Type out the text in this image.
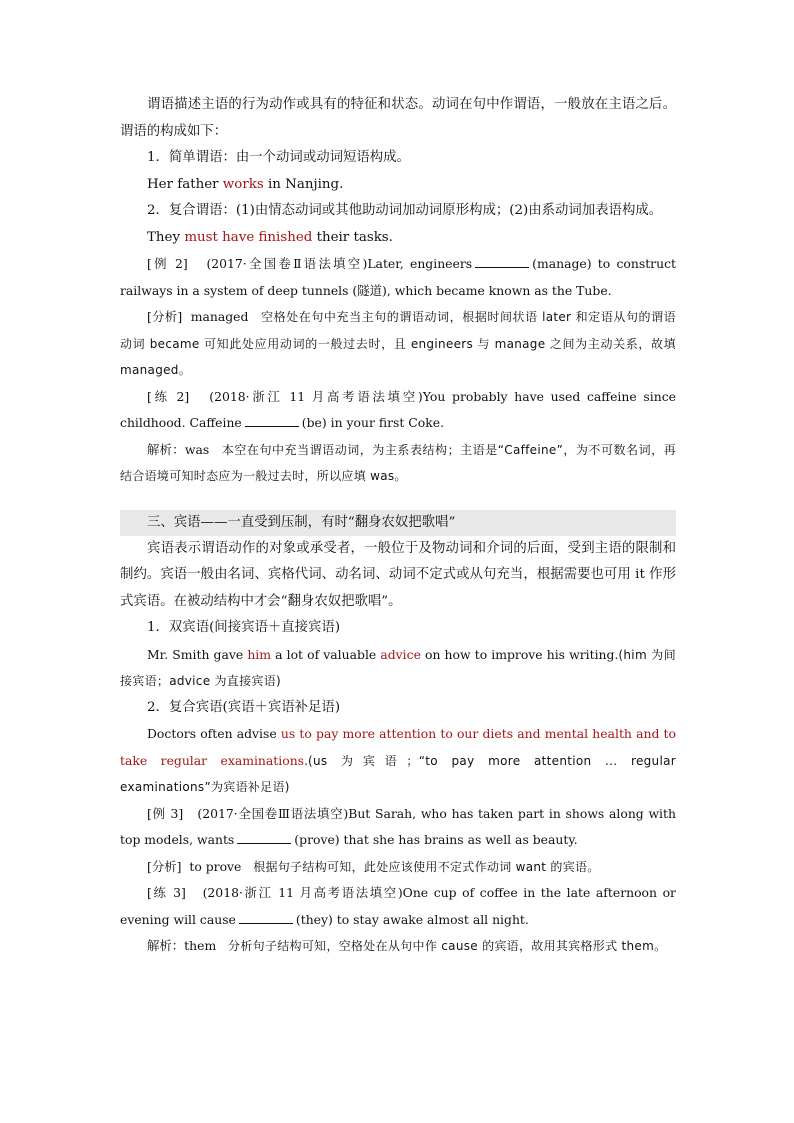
谓语描述主语的行为动作或具有的特征和状态。动词在句中作谓语，一般放在主语之后。谓语的构成如下：

1．简单谓语：由一个动词或动词短语构成。

Her father works in Nanjing.

2．复合谓语：(1)由情态动词或其他助动词加动词原形构成；(2)由系动词加表语构成。

They must have finished their tasks.

[例 2] (2017·全国卷Ⅱ语法填空)Later, engineers	(manage) to construct railways in a system of deep tunnels (隧道), which became known as the Tube.

[分析] managed 空格处在句中充当主句的谓语动词，根据时间状语 later 和定语从句的谓语动词 became 可知此处应用动词的一般过去时，且 engineers 与 manage 之间为主动关系，故填 managed。

[练 2] (2018·浙江 11 月高考语法填空)You probably have used caffeine since childhood. Caffeine	(be) in your first Coke.

解析：was 本空在句中充当谓语动词，为主系表结构；主语是“Caffeine”，为不可数名词，再结合语境可知时态应为一般过去时，所以应填 was。

三、宾语——一直受到压制，有时“翻身农奴把歌唱”

宾语表示谓语动作的对象或承受者，一般位于及物动词和介词的后面，受到主语的限制和制约。宾语一般由名词、宾格代词、动名词、动词不定式或从句充当，根据需要也可用 it 作形式宾语。在被动结构中才会“翻身农奴把歌唱”。

1．双宾语(间接宾语＋直接宾语)

Mr. Smith gave him a lot of valuable advice on how to improve his writing.(him 为间接宾语；advice 为直接宾语)

2．复合宾语(宾语＋宾语补足语)

Doctors often advise us to pay more attention to our diets and mental health and to take regular examinations.(us 为宾语；“to pay more attention ... regular examinations”为宾语补足语)

[例 3] (2017·全国卷Ⅲ语法填空)But Sarah, who has taken part in shows along with top models, wants	(prove) that she has brains as well as beauty.

[分析] to prove 根据句子结构可知，此处应该使用不定式作动词 want 的宾语。

[练 3] (2018·浙江 11 月高考语法填空)One cup of coffee in the late afternoon or evening will cause	(they) to stay awake almost all night.

解析：them 分析句子结构可知，空格处在从句中作 cause 的宾语，故用其宾格形式 them。
